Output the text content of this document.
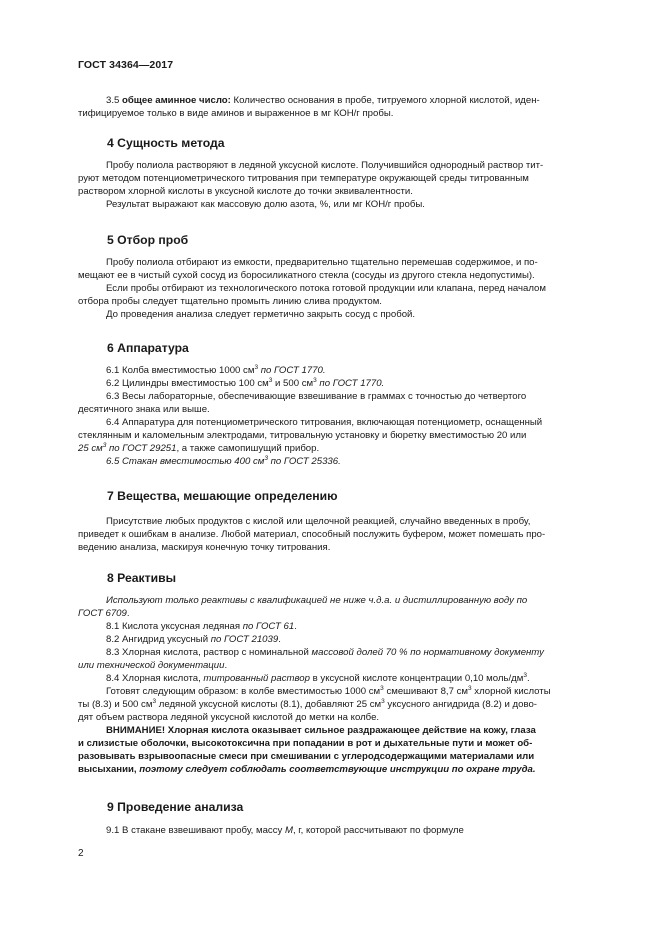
ГОСТ 34364—2017

3.5 общее аминное число: Количество основания в пробе, титруемого хлорной кислотой, иден-

тифицируемое только в виде аминов и выраженное в мг КОН/г пробы.

4 Сущность метода

Пробу полиола растворяют в ледяной уксусной кислоте. Получившийся однородный раствор тит-

руют методом потенциометрического титрования при температуре окружающей среды титрованным

раствором хлорной кислоты в уксусной кислоте до точки эквивалентности.

Результат выражают как массовую долю азота, %, или мг КОН/г пробы.

5 Отбор проб

Пробу полиола отбирают из емкости, предварительно тщательно перемешав содержимое, и по-

мещают ее в чистый сухой сосуд из боросиликатного стекла (сосуды из другого стекла недопустимы).

Если пробы отбирают из технологического потока готовой продукции или клапана, перед началом

отбора пробы следует тщательно промыть линию слива продуктом.

До проведения анализа следует герметично закрыть сосуд с пробой.

6 Аппаратура

6.1 Колба вместимостью 1000 $см^3$ по ГОСТ 1770.

6.2 Цилиндры вместимостью 100 $см^3$ и 500 $см^3$ по ГОСТ 1770.

6.3 Весы лабораторные, обеспечивающие взвешивание в граммах с точностью до четвертого

десятичного знака или выше.

6.4 Аппаратура для потенциометрического титрования, включающая потенциометр, оснащенный

стеклянным и каломельным электродами, титровальную установку и бюретку вместимостью 20 или

25 $см^3$ по ГОСТ 29251, а также самопишущий прибор.

6.5 Стакан вместимостью 400 $см^3$ по ГОСТ 25336.

7 Вещества, мешающие определению

Присутствие любых продуктов с кислой или щелочной реакцией, случайно введенных в пробу,

приведет к ошибкам в анализе. Любой материал, способный послужить буфером, может помешать про-

ведению анализа, маскируя конечную точку титрования.

8 Реактивы

Используют только реактивы с квалификацией не ниже ч.д.а. и дистиллированную воду по

ГОСТ 6709.

8.1 Кислота уксусная ледяная по ГОСТ 61.

8.2 Ангидрид уксусный по ГОСТ 21039.

8.3 Хлорная кислота, раствор с номинальной массовой долей 70 % по нормативному документу

или технической документации.

8.4 Хлорная кислота, титрованный раствор в уксусной кислоте концентрации 0,10 моль/$дм^3$.

Готовят следующим образом: в колбе вместимостью 1000 $см^3$ смешивают 8,7 $см^3$ хлорной кислоты

ты (8.3) и 500 $см^3$ ледяной уксусной кислоты (8.1), добавляют 25 $см^3$ уксусного ангидрида (8.2) и дово-

дят объем раствора ледяной уксусной кислотой до метки на колбе.

ВНИМАНИЕ! Хлорная кислота оказывает сильное раздражающее действие на кожу, глаза

и слизистые оболочки, высокотоксична при попадании в рот и дыхательные пути и может об-

разовывать взрывоопасные смеси при смешивании с углеродсодержащими материалами или

высыхании, поэтому следует соблюдать соответствующие инструкции по охране труда.

9 Проведение анализа

9.1 В стакане взвешивают пробу, массу М, г, которой рассчитывают по формуле

2
